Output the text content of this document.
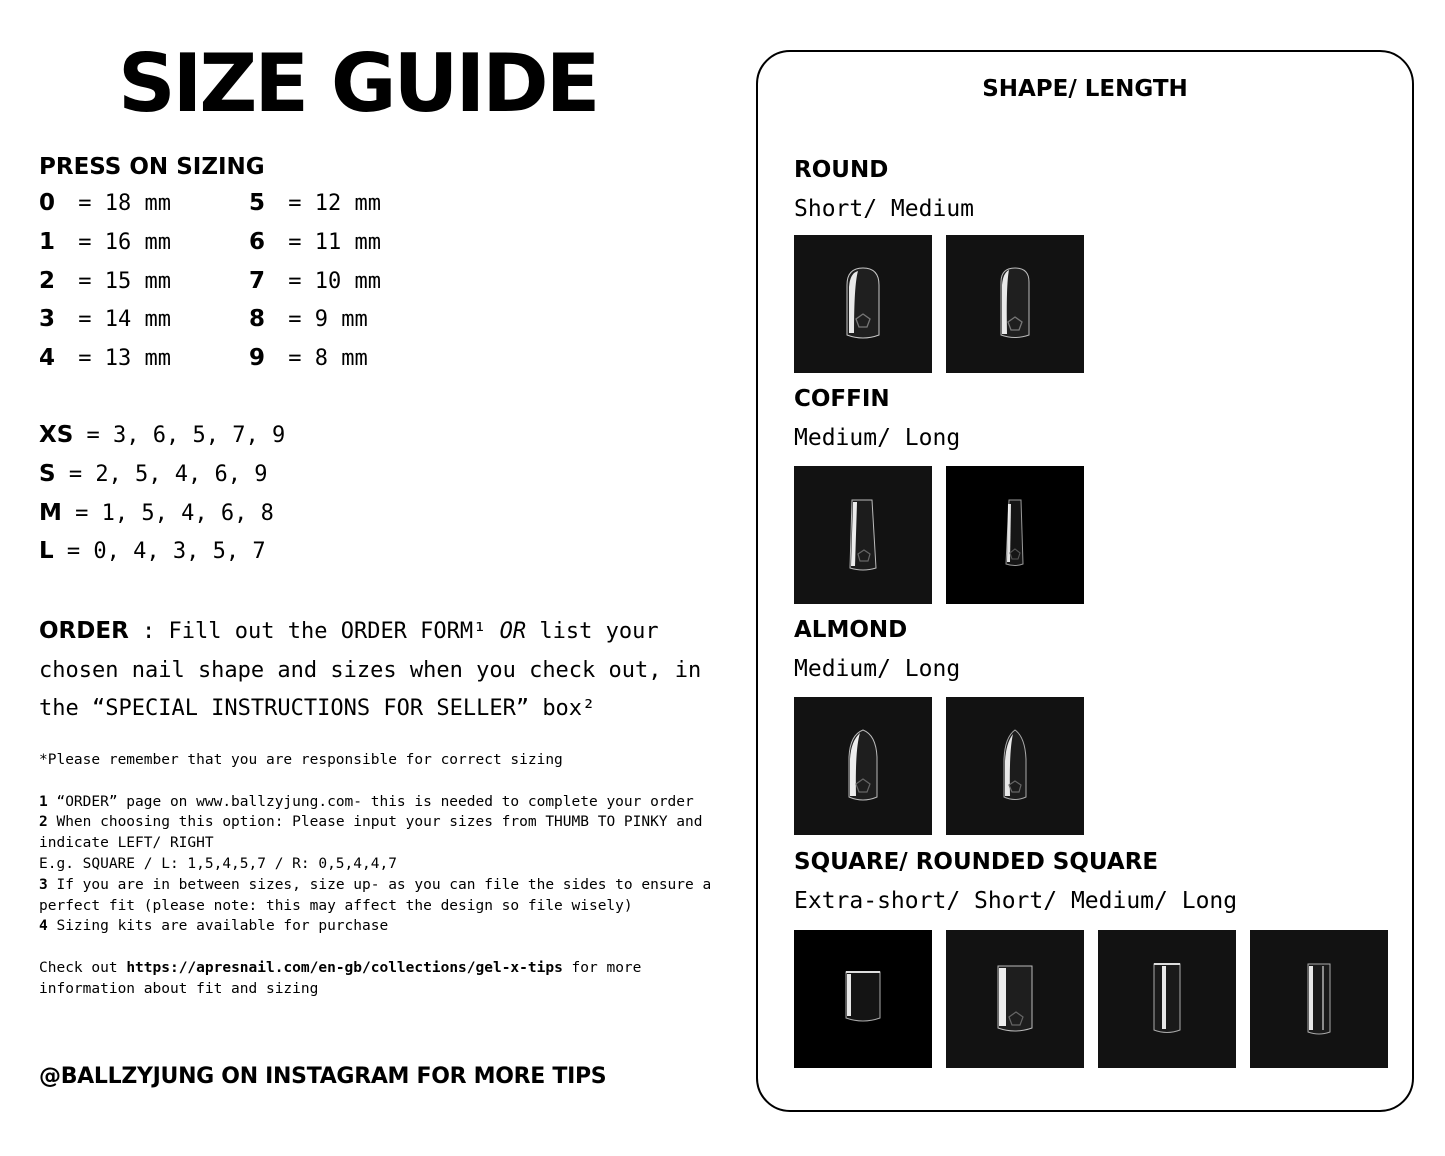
SIZE GUIDE
PRESS ON SIZING
0 = 18 mm
1 = 16 mm
2 = 15 mm
3 = 14 mm
4 = 13 mm
5 = 12 mm
6 = 11 mm
7 = 10 mm
8 = 9 mm
9 = 8 mm
XS = 3, 6, 5, 7, 9
S = 2, 5, 4, 6, 9
M = 1, 5, 4, 6, 8
L = 0, 4, 3, 5, 7
ORDER : Fill out the ORDER FORM¹ OR list your chosen nail shape and sizes when you check out, in the “SPECIAL INSTRUCTIONS FOR SELLER” box²
*Please remember that you are responsible for correct sizing

1 “ORDER” page on www.ballzyjung.com- this is needed to complete your order
2 When choosing this option: Please input your sizes from THUMB TO PINKY and indicate LEFT/ RIGHT
E.g. SQUARE / L: 1,5,4,5,7 / R: 0,5,4,4,7
3 If you are in between sizes, size up- as you can file the sides to ensure a perfect fit (please note: this may affect the design so file wisely)
4 Sizing kits are available for purchase

Check out https://apresnail.com/en-gb/collections/gel-x-tips for more information about fit and sizing
@BALLZYJUNG ON INSTAGRAM FOR MORE TIPS
SHAPE/ LENGTH
ROUND
Short/ Medium
COFFIN
Medium/ Long
ALMOND
Medium/ Long
SQUARE/ ROUNDED SQUARE
Extra-short/ Short/ Medium/ Long
